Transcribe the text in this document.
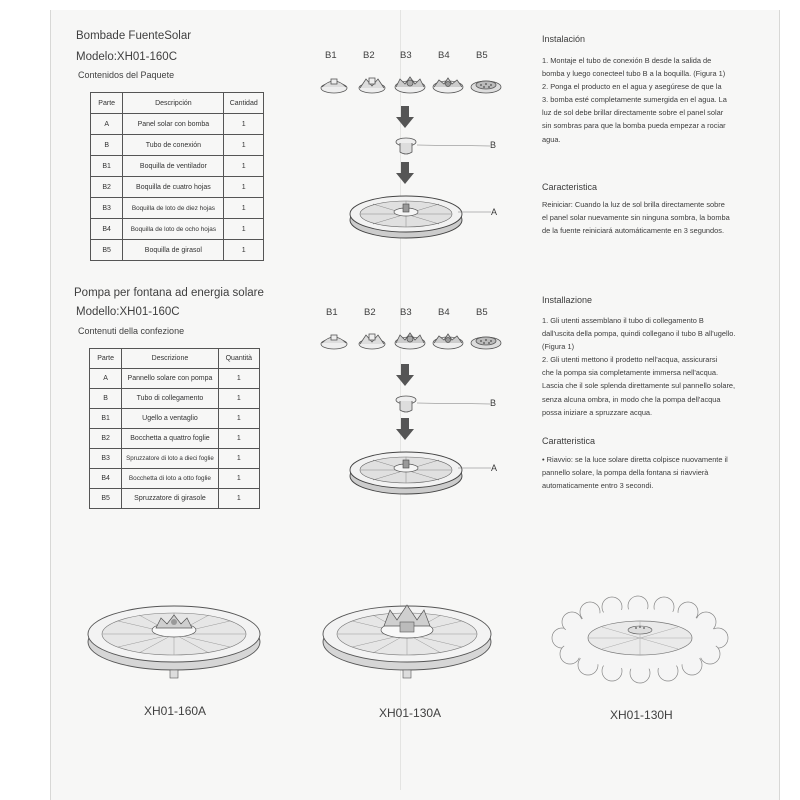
Bombade FuenteSolar
Modelo:XH01-160C
Contenidos del Paquete
Parte	Descripción	Cantidad
A	Panel solar con bomba	1
B	Tubo de conexión	1
B1	Boquilla de ventilador	1
B2	Boquilla de cuatro hojas	1
B3	Boquilla de loto de diez hojas	1
B4	Boquilla de loto de ocho hojas	1
B5	Boquilla de girasol	1
B1	B2	B3	B4	B5
B
A
Instalación
1. Montaje el tubo de conexión B desde la salida de
bomba y luego conecteel tubo B a la boquilla. (Figura 1)
2. Ponga el producto en el agua y asegúrese de que la
3. bomba esté completamente sumergida en el agua. La
luz de sol debe brillar directamente sobre el panel solar
sin sombras para que la bomba pueda empezar a rociar
agua.
Caracteristica
Reiniciar: Cuando la luz de sol brilla directamente sobre
el panel solar nuevamente sin ninguna sombra, la bomba
de la fuente reiniciará automáticamente en 3 segundos.
Pompa per fontana ad energia solare
Modello:XH01-160C
Contenuti della confezione
Parte	Descrizione	Quantità
A	Pannello solare con pompa	1
B	Tubo di collegamento	1
B1	Ugello a ventaglio	1
B2	Bocchetta a quattro foglie	1
B3	Spruzzatore di loto a dieci foglie	1
B4	Bocchetta di loto a otto foglie	1
B5	Spruzzatore di girasole	1
B1	B2	B3	B4	B5
B
A
Installazione
1. Gli utenti assemblano il tubo di collegamento B
dall'uscita della pompa, quindi collegano il tubo B all'ugello.
(Figura 1)
2. Gli utenti mettono il prodetto nell'acqua, assicurarsi
che la pompa sia completamente immersa nell'acqua.
Lascia che il sole splenda direttamente sul pannello solare,
senza alcuna ombra, in modo che la pompa dell'acqua
possa iniziare a spruzzare acqua.
Caratteristica
• Riavvio: se la luce solare diretta colpisce nuovamente il
pannello solare, la pompa della fontana si riavvierà
automaticamente entro 3 secondi.
XH01-160A	XH01-130A	XH01-130H
